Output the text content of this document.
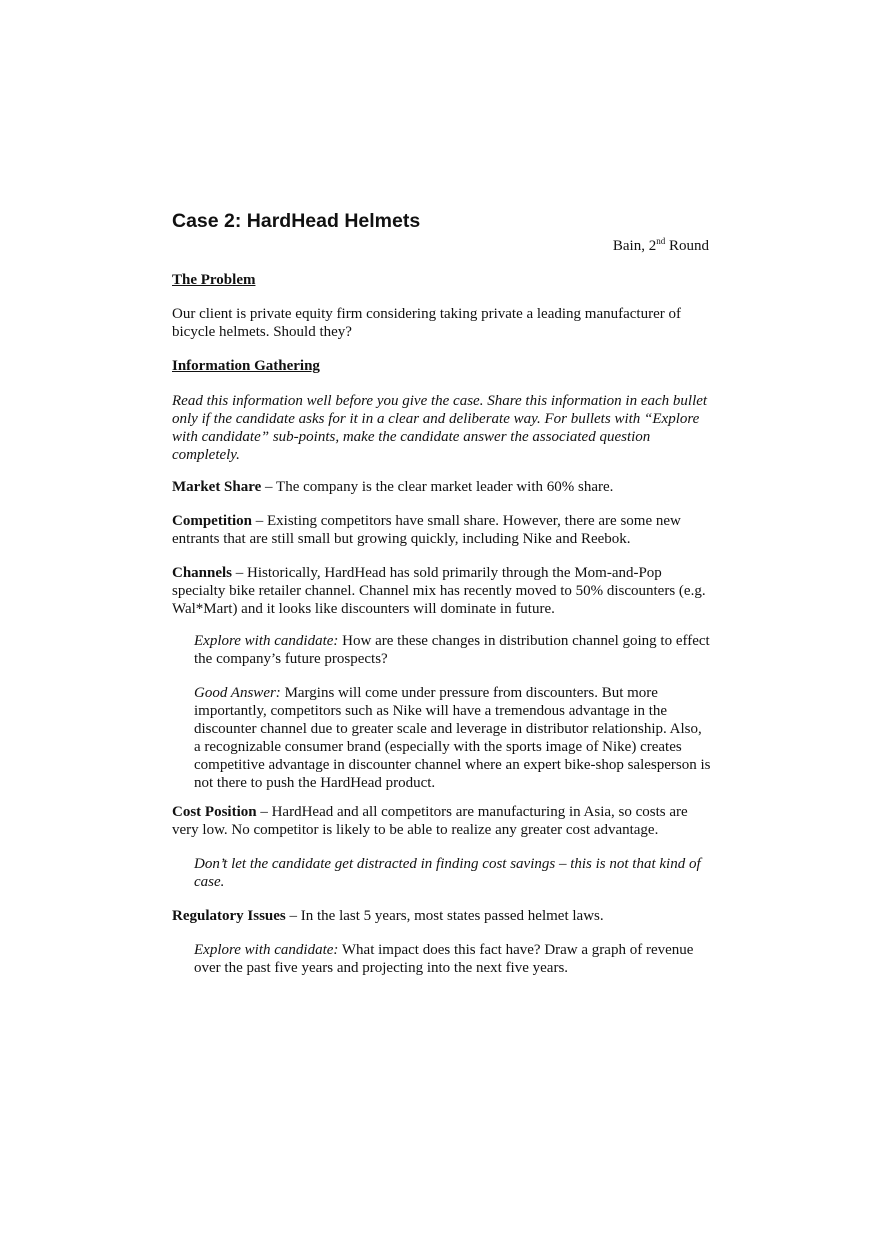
Case 2: HardHead Helmets
Bain, 2nd Round

The Problem

Our client is private equity firm considering taking private a leading manufacturer of bicycle helmets. Should they?

Information Gathering

Read this information well before you give the case. Share this information in each bullet only if the candidate asks for it in a clear and deliberate way. For bullets with “Explore with candidate” sub-points, make the candidate answer the associated question completely.

Market Share – The company is the clear market leader with 60% share.

Competition – Existing competitors have small share. However, there are some new entrants that are still small but growing quickly, including Nike and Reebok.

Channels – Historically, HardHead has sold primarily through the Mom-and-Pop specialty bike retailer channel. Channel mix has recently moved to 50% discounters (e.g. Wal*Mart) and it looks like discounters will dominate in future.

Explore with candidate: How are these changes in distribution channel going to effect the company’s future prospects?

Good Answer: Margins will come under pressure from discounters. But more importantly, competitors such as Nike will have a tremendous advantage in the discounter channel due to greater scale and leverage in distributor relationship. Also, a recognizable consumer brand (especially with the sports image of Nike) creates competitive advantage in discounter channel where an expert bike-shop salesperson is not there to push the HardHead product.

Cost Position – HardHead and all competitors are manufacturing in Asia, so costs are very low. No competitor is likely to be able to realize any greater cost advantage.

Don’t let the candidate get distracted in finding cost savings – this is not that kind of case.

Regulatory Issues – In the last 5 years, most states passed helmet laws.

Explore with candidate: What impact does this fact have? Draw a graph of revenue over the past five years and projecting into the next five years.
